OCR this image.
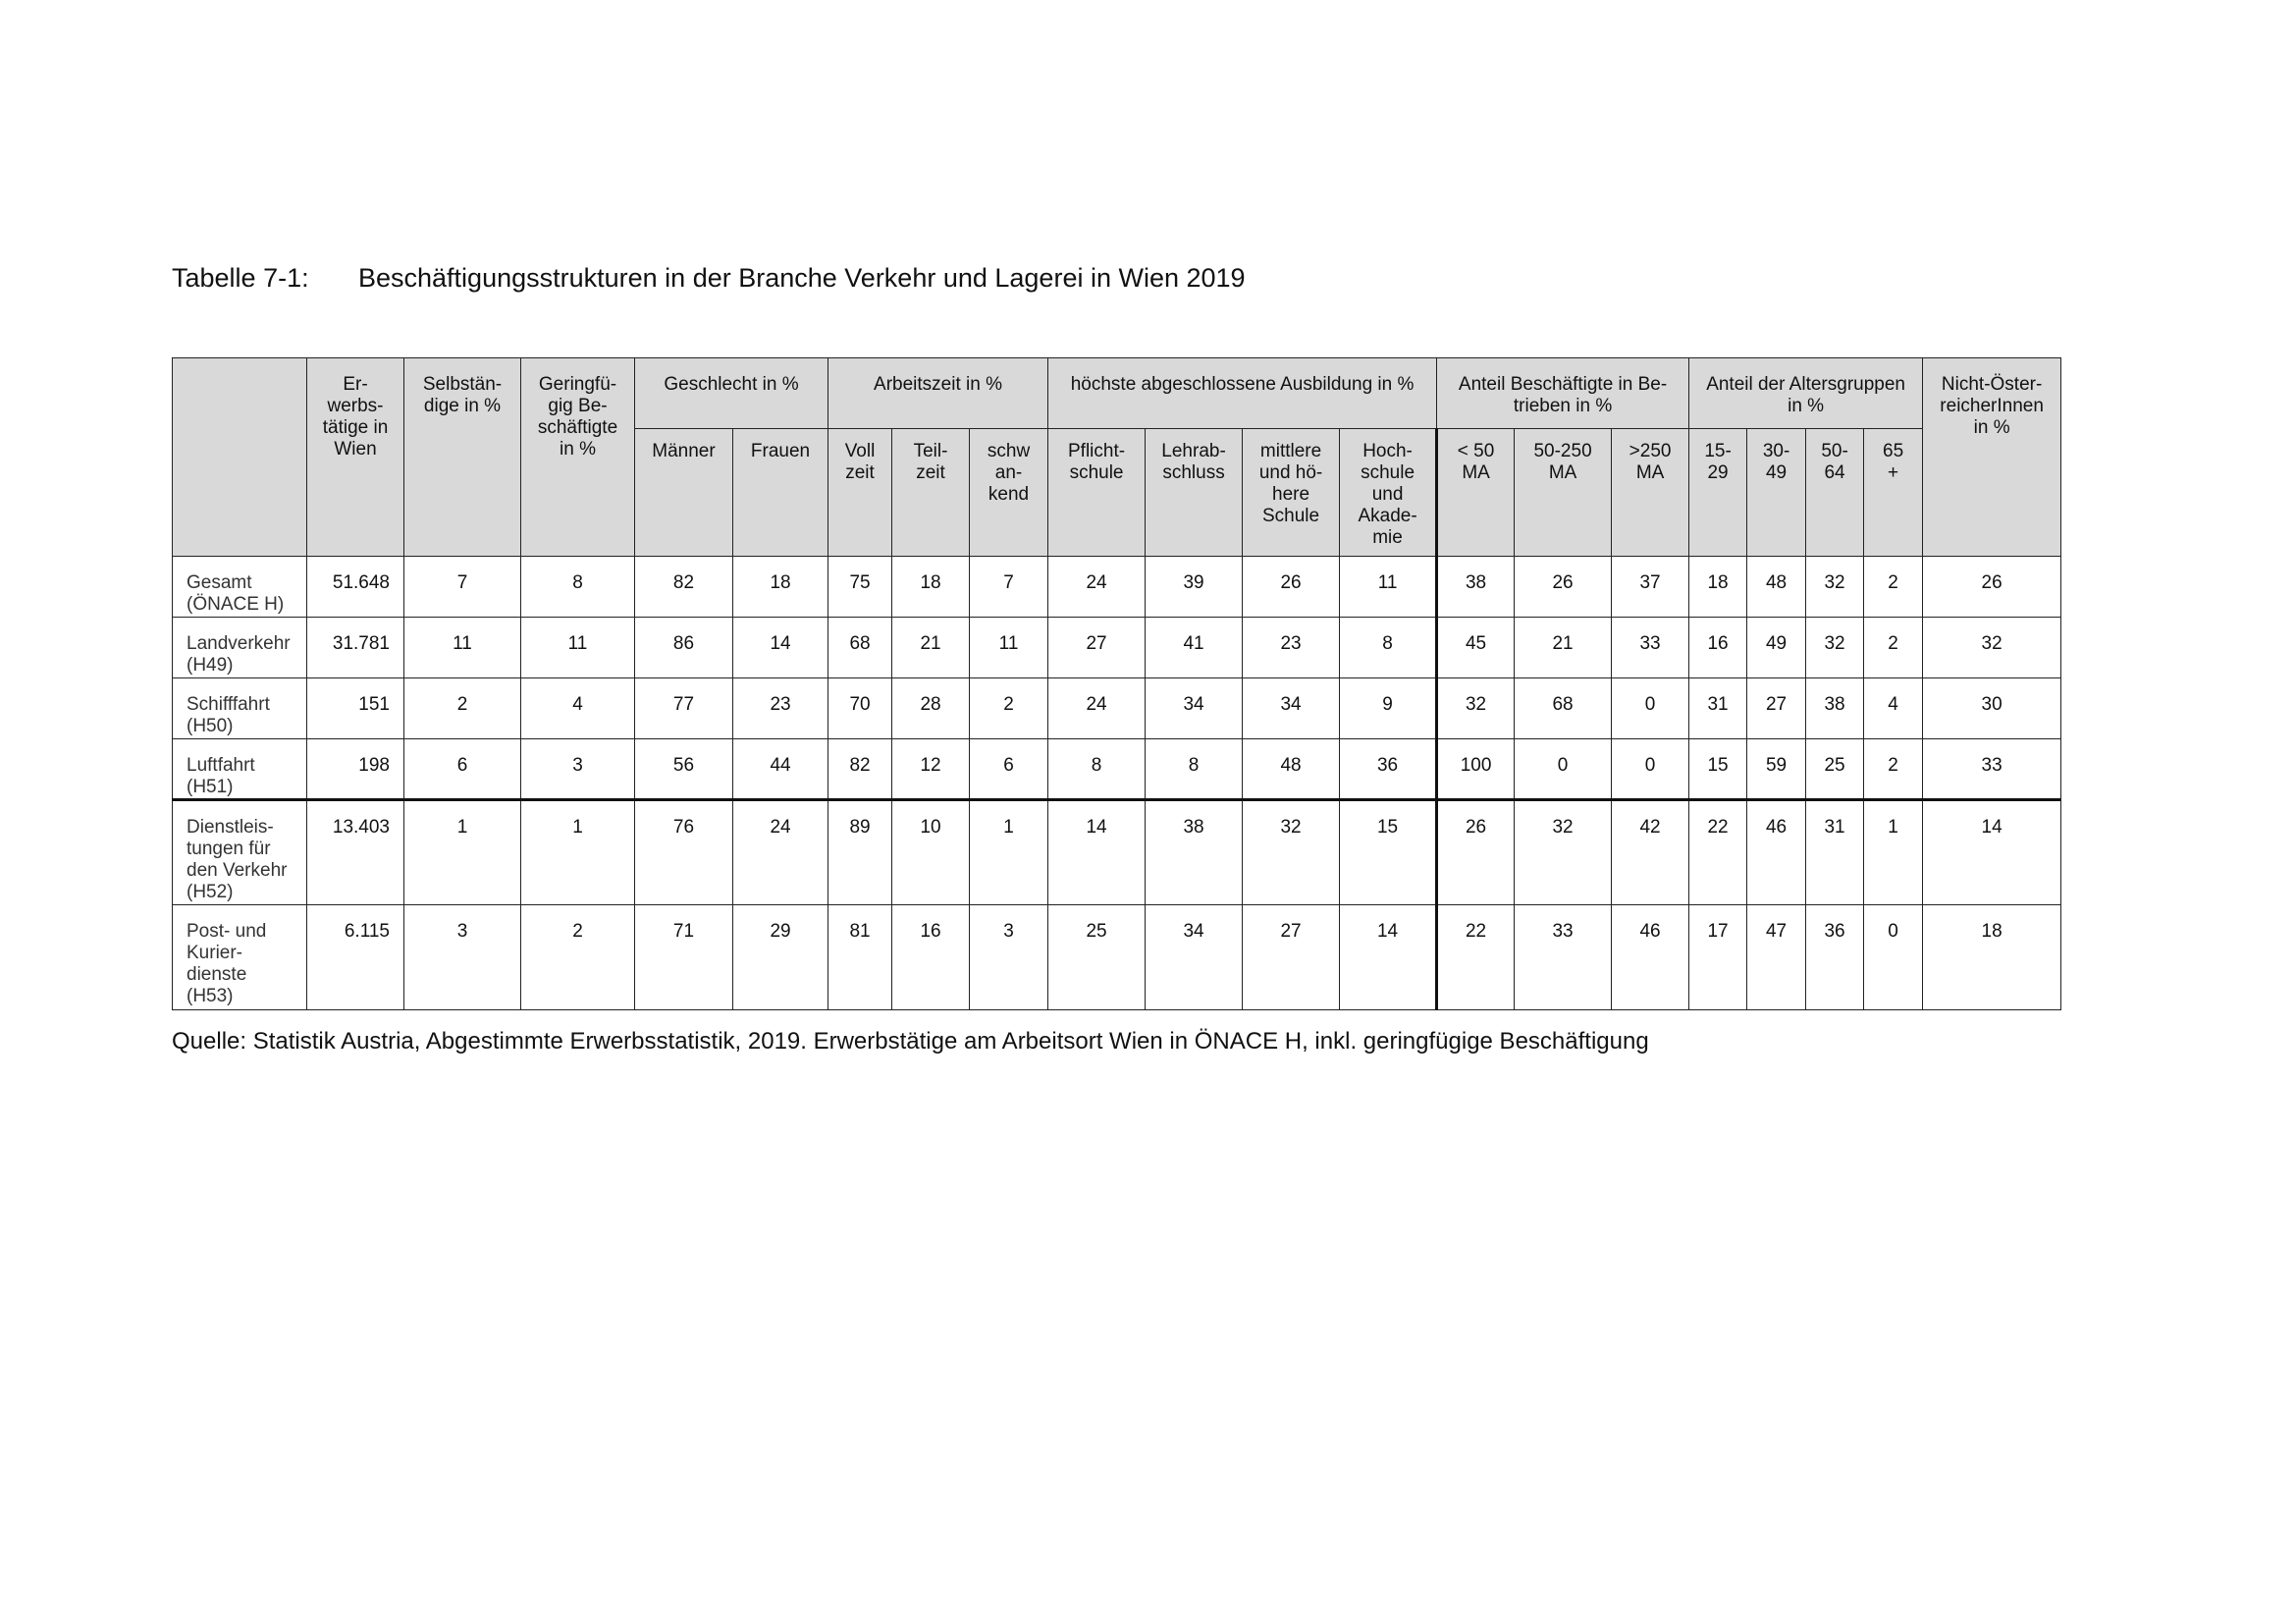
Tabelle 7-1: Beschäftigungsstrukturen in der Branche Verkehr und Lagerei in Wien 2019
	Er-
werbs-
tätige in
Wien	Selbstän-
dige in %	Geringfü-
gig Be-
schäftigte
in %	Geschlecht in %		Arbeitszeit in %			höchste abgeschlossene Ausbildung in %				Anteil Beschäftigte in Be-
trieben in %			Anteil der Altersgruppen
in %				Nicht-Öster-
reicherInnen
in %
				Männer	Frauen	Voll
zeit	Teil-
zeit	schw
an-
kend	Pflicht-
schule	Lehrab-
schluss	mittlere
und hö-
here
Schule	Hoch-
schule
und
Akade-
mie	< 50
MA	50-250
MA	>250
MA	15-
29	30-
49	50-
64	65
+	
Gesamt
(ÖNACE H)	51.648	7	8	82	18	75	18	7	24	39	26	11	38	26	37	18	48	32	2	26
Landverkehr
(H49)	31.781	11	11	86	14	68	21	11	27	41	23	8	45	21	33	16	49	32	2	32
Schifffahrt
(H50)	151	2	4	77	23	70	28	2	24	34	34	9	32	68	0	31	27	38	4	30
Luftfahrt
(H51)	198	6	3	56	44	82	12	6	8	8	48	36	100	0	0	15	59	25	2	33
Dienstleis-
tungen für
den Verkehr
(H52)	13.403	1	1	76	24	89	10	1	14	38	32	15	26	32	42	22	46	31	1	14
Post- und
Kurier-
dienste
(H53)	6.115	3	2	71	29	81	16	3	25	34	27	14	22	33	46	17	47	36	0	18
Quelle: Statistik Austria, Abgestimmte Erwerbsstatistik, 2019. Erwerbstätige am Arbeitsort Wien in ÖNACE H, inkl. geringfügige Beschäftigung
